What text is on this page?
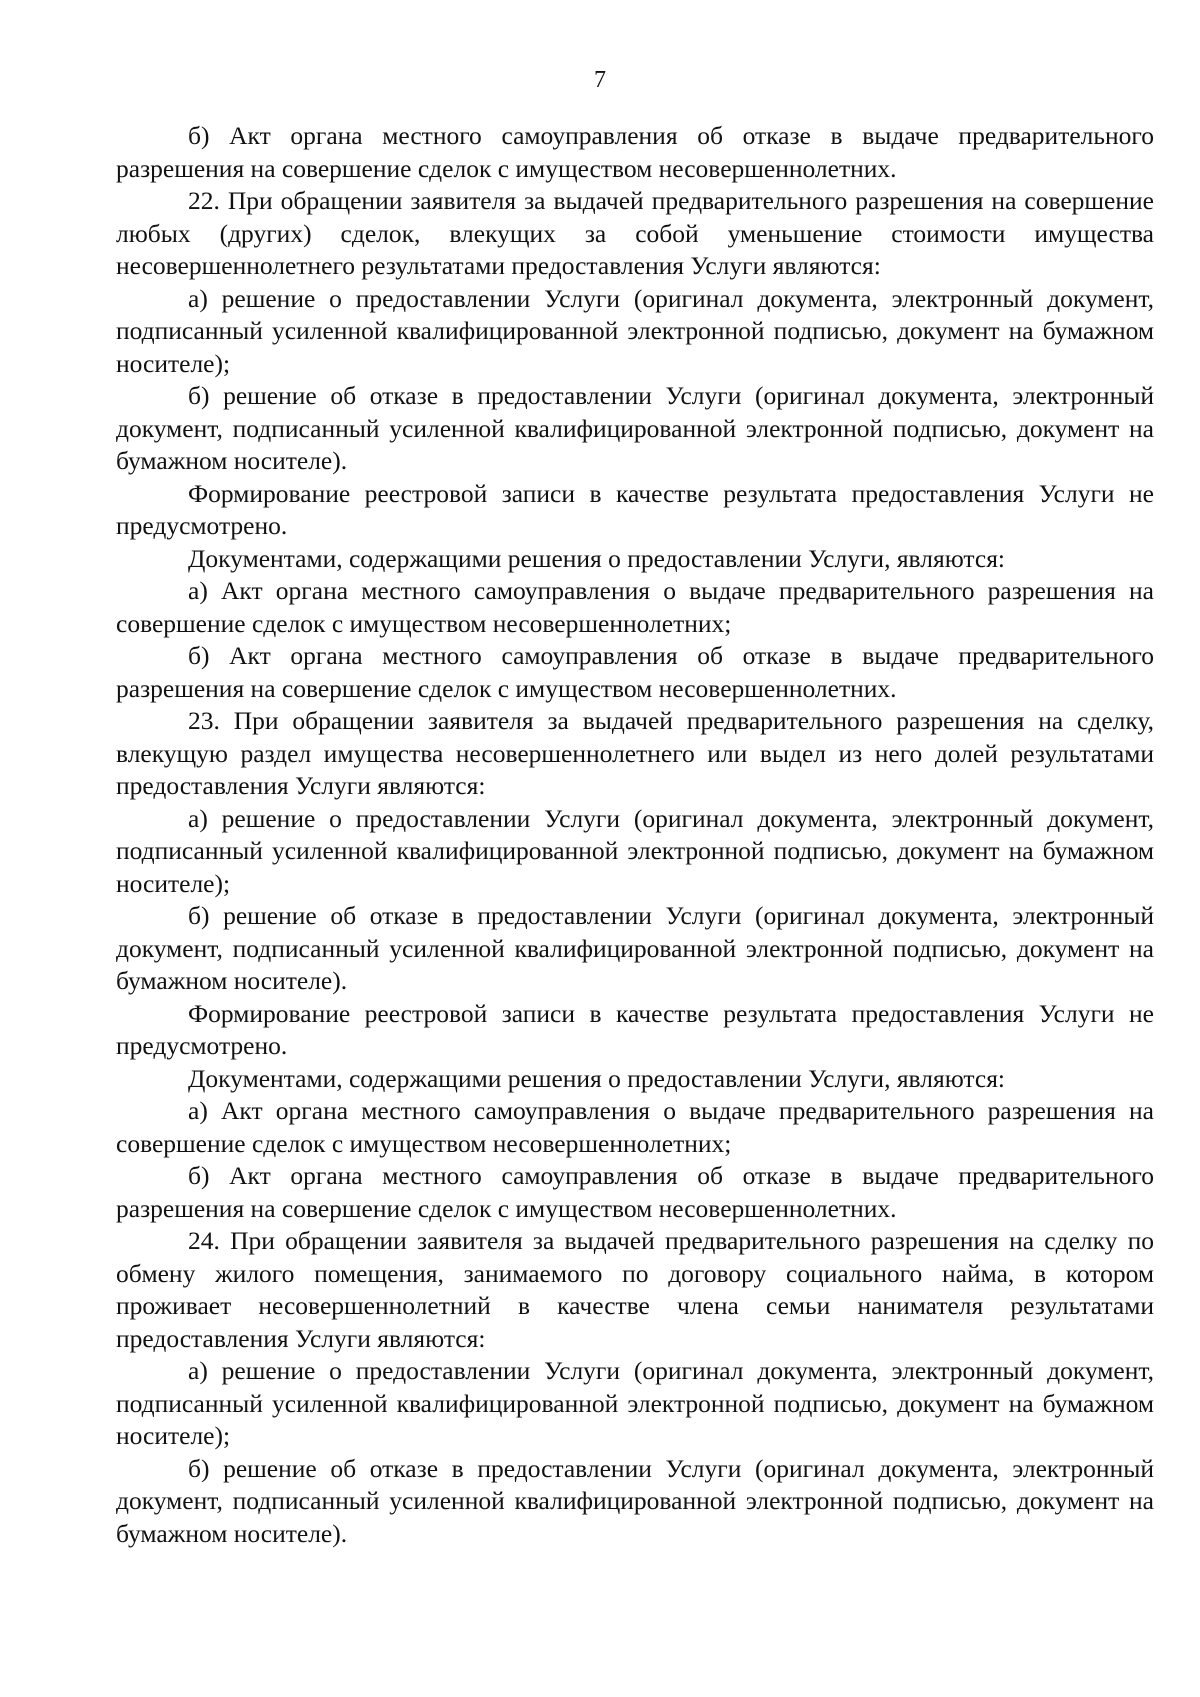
7

б) Акт органа местного самоуправления об отказе в выдаче предварительного разрешения на совершение сделок с имуществом несовершеннолетних.

22. При обращении заявителя за выдачей предварительного разрешения на совершение любых (других) сделок, влекущих за собой уменьшение стоимости имущества несовершеннолетнего результатами предоставления Услуги являются:

а) решение о предоставлении Услуги (оригинал документа, электронный документ, подписанный усиленной квалифицированной электронной подписью, документ на бумажном носителе);

б) решение об отказе в предоставлении Услуги (оригинал документа, электронный документ, подписанный усиленной квалифицированной электронной подписью, документ на бумажном носителе).

Формирование реестровой записи в качестве результата предоставления Услуги не предусмотрено.

Документами, содержащими решения о предоставлении Услуги, являются:

а) Акт органа местного самоуправления о выдаче предварительного разрешения на совершение сделок с имуществом несовершеннолетних;

б) Акт органа местного самоуправления об отказе в выдаче предварительного разрешения на совершение сделок с имуществом несовершеннолетних.

23. При обращении заявителя за выдачей предварительного разрешения на сделку, влекущую раздел имущества несовершеннолетнего или выдел из него долей результатами предоставления Услуги являются:

а) решение о предоставлении Услуги (оригинал документа, электронный документ, подписанный усиленной квалифицированной электронной подписью, документ на бумажном носителе);

б) решение об отказе в предоставлении Услуги (оригинал документа, электронный документ, подписанный усиленной квалифицированной электронной подписью, документ на бумажном носителе).

Формирование реестровой записи в качестве результата предоставления Услуги не предусмотрено.

Документами, содержащими решения о предоставлении Услуги, являются:

а) Акт органа местного самоуправления о выдаче предварительного разрешения на совершение сделок с имуществом несовершеннолетних;

б) Акт органа местного самоуправления об отказе в выдаче предварительного разрешения на совершение сделок с имуществом несовершеннолетних.

24. При обращении заявителя за выдачей предварительного разрешения на сделку по обмену жилого помещения, занимаемого по договору социального найма, в котором проживает несовершеннолетний в качестве члена семьи нанимателя результатами предоставления Услуги являются:

а) решение о предоставлении Услуги (оригинал документа, электронный документ, подписанный усиленной квалифицированной электронной подписью, документ на бумажном носителе);

б) решение об отказе в предоставлении Услуги (оригинал документа, электронный документ, подписанный усиленной квалифицированной электронной подписью, документ на бумажном носителе).
